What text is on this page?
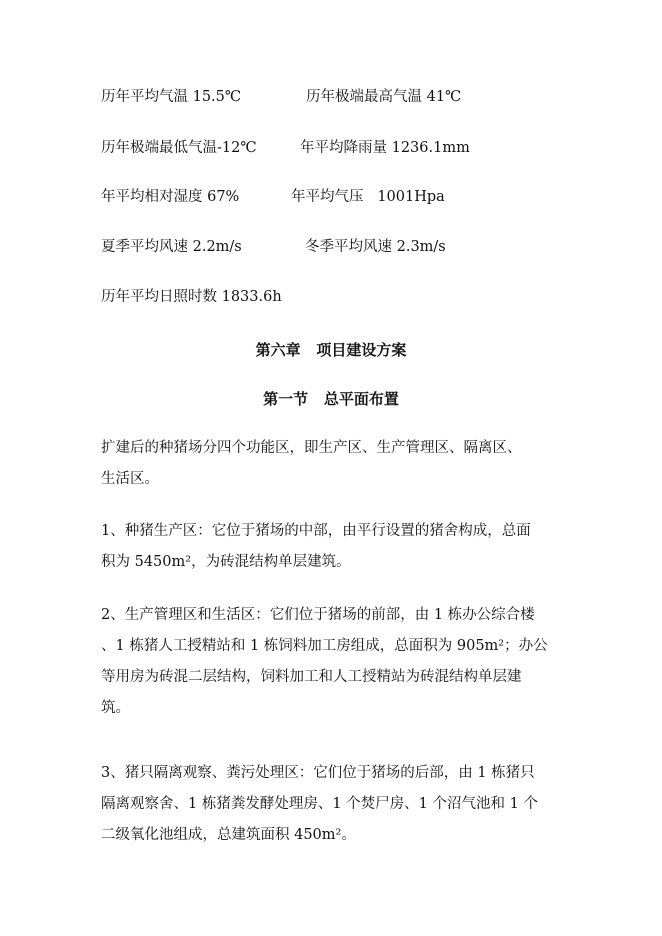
历年平均气温 15.5℃	历年极端最高气温 41℃
历年极端最低气温-12℃	年平均降雨量 1236.1mm
年平均相对湿度 67%	年平均气压   1001Hpa
夏季平均风速 2.2m/s	冬季平均风速 2.3m/s
历年平均日照时数 1833.6h
第六章   项目建设方案
第一节   总平面布置

扩建后的种猪场分四个功能区，即生产区、生产管理区、隔离区、

生活区。

1、种猪生产区：它位于猪场的中部，由平行设置的猪舍构成，总面

积为 5450m²，为砖混结构单层建筑。

2、生产管理区和生活区：它们位于猪场的前部，由 1 栋办公综合楼

、1 栋猪人工授精站和 1 栋饲料加工房组成，总面积为 905m²；办公

等用房为砖混二层结构，饲料加工和人工授精站为砖混结构单层建

筑。

3、猪只隔离观察、粪污处理区：它们位于猪场的后部，由 1 栋猪只

隔离观察舍、1 栋猪粪发酵处理房、1 个焚尸房、1 个沼气池和 1 个

二级氧化池组成，总建筑面积 450m²。
